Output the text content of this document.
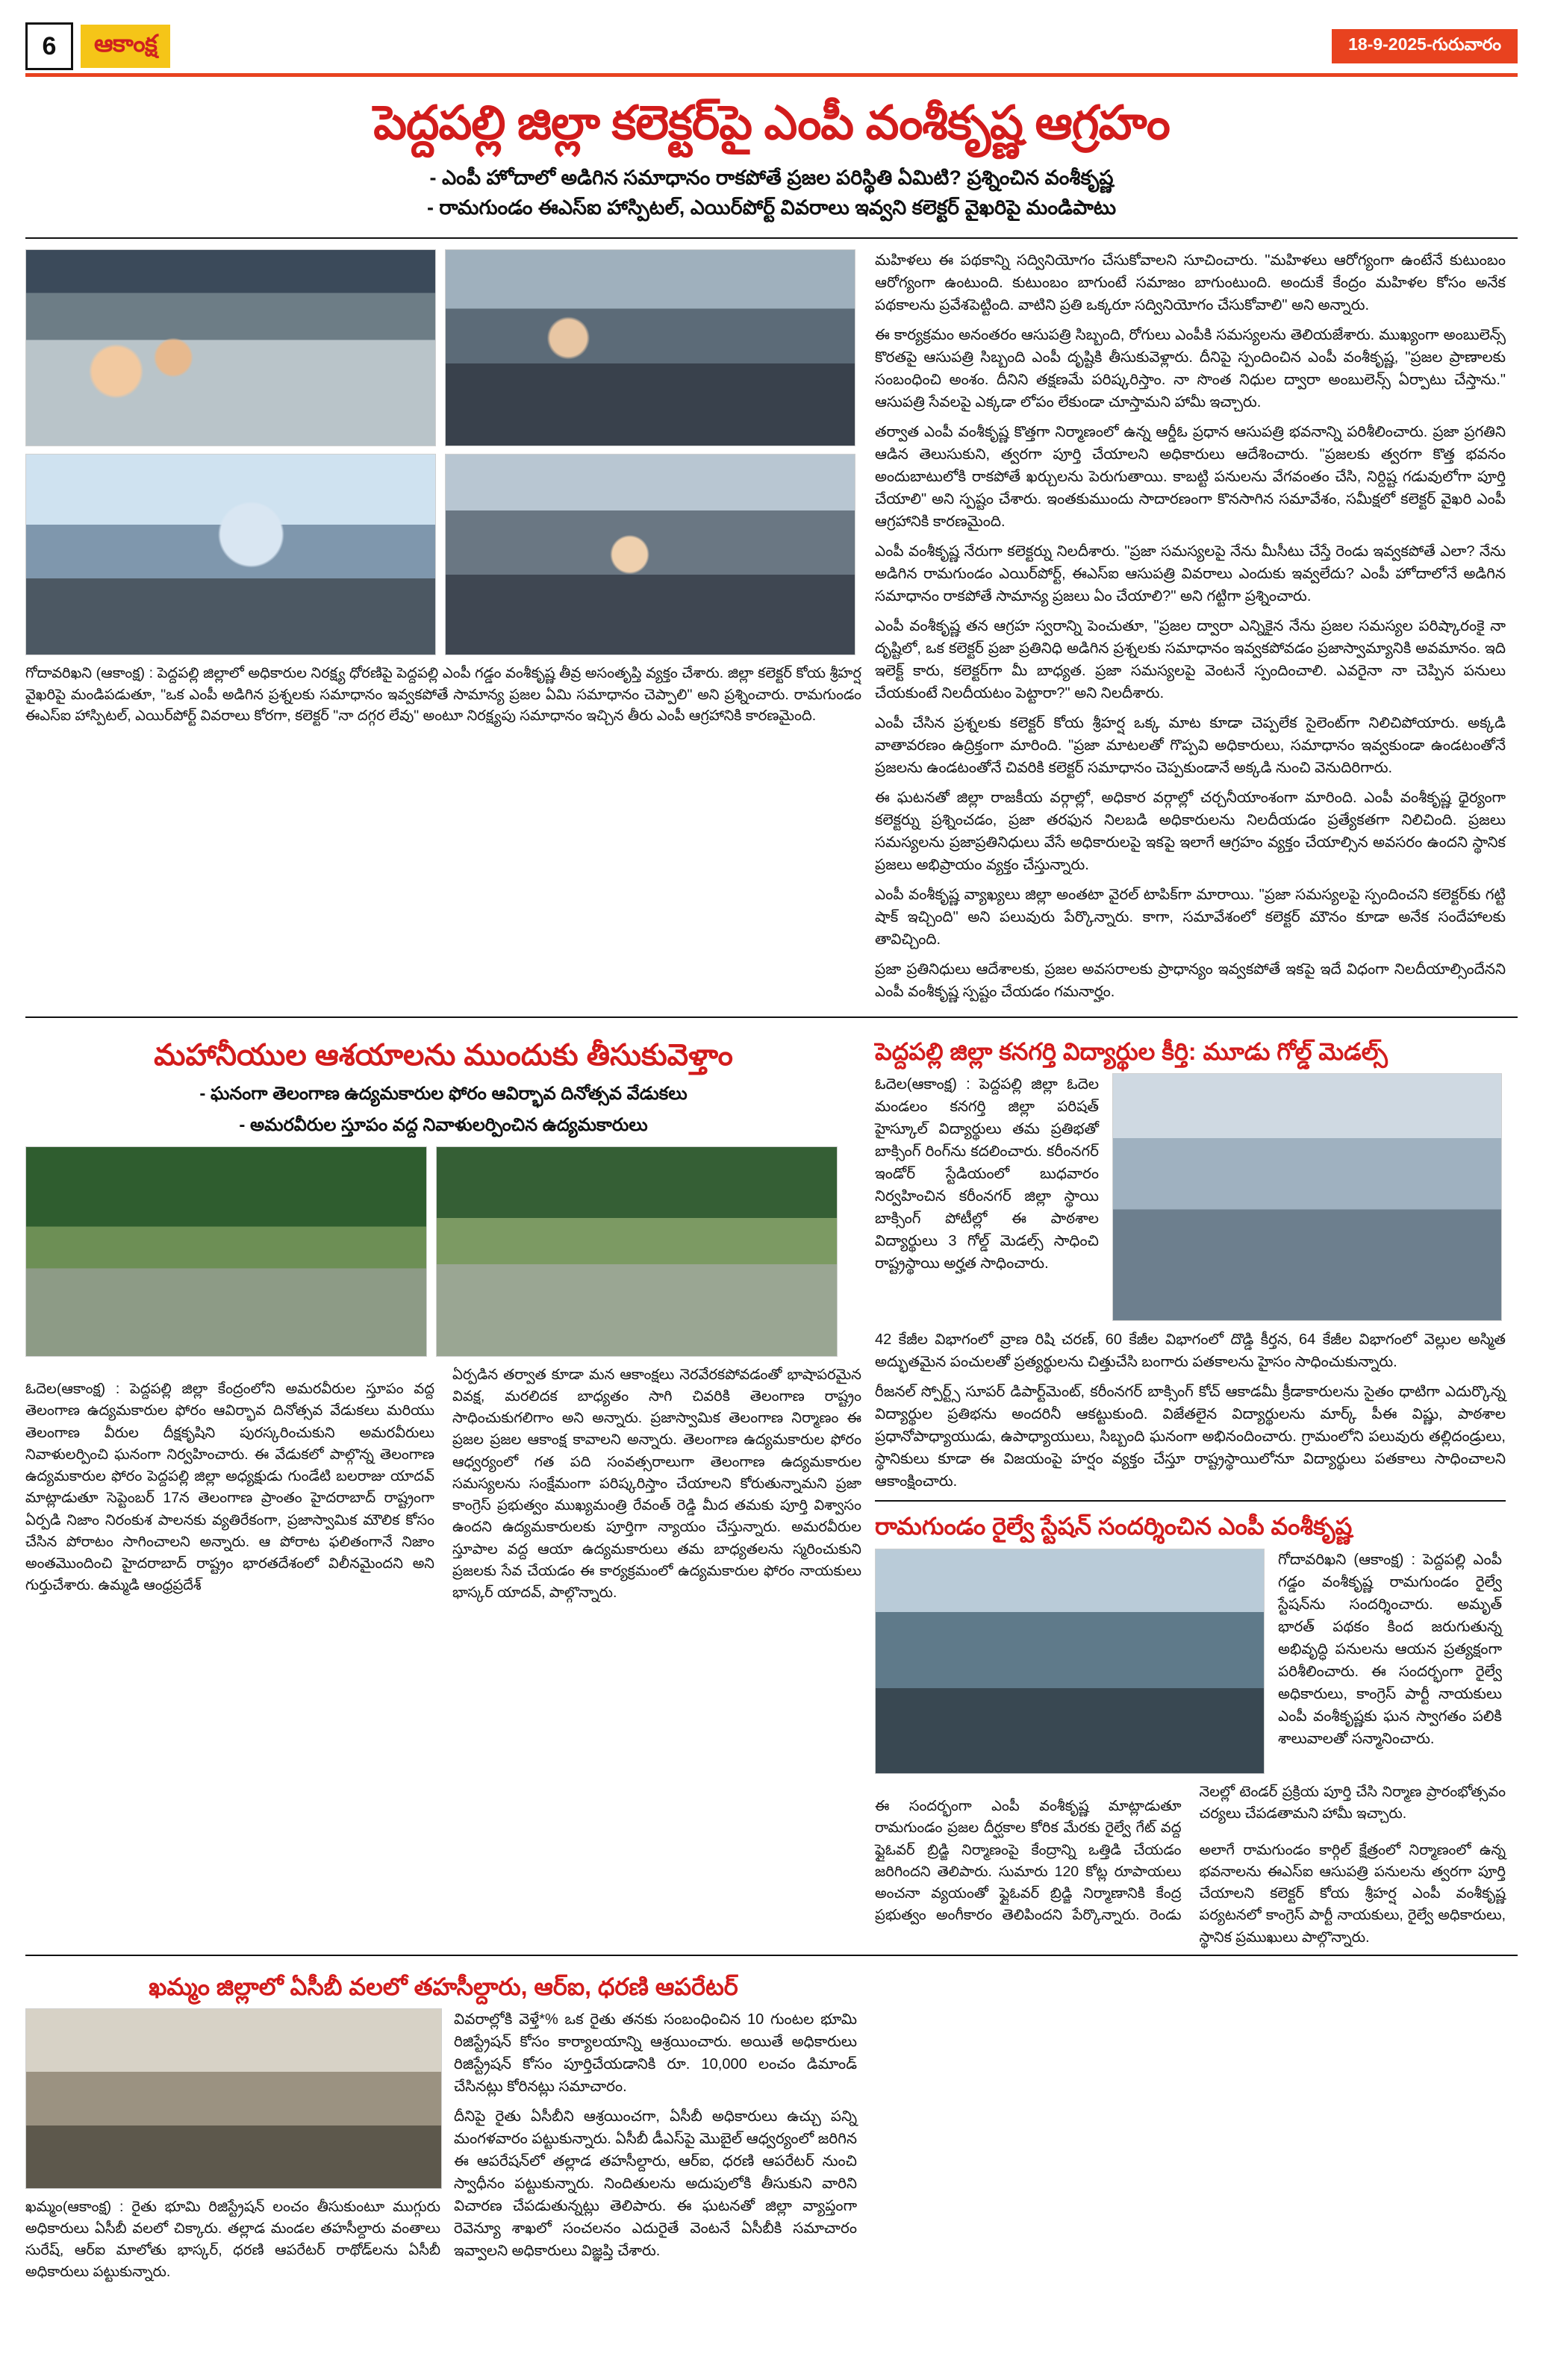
6	ఆకాంక్ష	18-9-2025-గురువారం
పెద్దపల్లి జిల్లా కలెక్టర్‌పై ఎంపీ వంశీకృష్ణ ఆగ్రహం
- ఎంపీ హోదాలో అడిగిన సమాధానం రాకపోతే ప్రజల పరిస్థితి ఏమిటి? ప్రశ్నించిన వంశీకృష్ణ
- రామగుండం ఈఎస్‌ఐ హాస్పిటల్, ఎయిర్‌పోర్ట్ వివరాలు ఇవ్వని కలెక్టర్ వైఖరిపై మండిపాటు
గోదావరిఖని (ఆకాంక్ష) : పెద్దపల్లి జిల్లాలో అధికారుల నిరక్ష్య ధోరణిపై పెద్దపల్లి ఎంపీ గడ్డం వంశీకృష్ణ తీవ్ర అసంతృప్తి వ్యక్తం చేశారు. జిల్లా కలెక్టర్ కోయ శ్రీహర్ష వైఖరిపై మండిపడుతూ, "ఒక ఎంపీ అడిగిన ప్రశ్నలకు సమాధానం ఇవ్వకపోతే సామాన్య ప్రజల ఏమి సమాధానం చెప్పాలి" అని ప్రశ్నించారు. రామగుండం ఈఎస్‌ఐ హాస్పిటల్, ఎయిర్‌పోర్ట్ వివరాలు కోరగా, కలెక్టర్ "నా దగ్గర లేవు" అంటూ నిరక్ష్యపు సమాధానం ఇచ్చిన తీరు ఎంపీ ఆగ్రహానికి కారణమైంది.

మహిళలు ఈ పథకాన్ని సద్వినియోగం చేసుకోవాలని సూచించారు. "మహిళలు ఆరోగ్యంగా ఉంటేనే కుటుంబం ఆరోగ్యంగా ఉంటుంది. కుటుంబం బాగుంటే సమాజం బాగుంటుంది. అందుకే కేంద్రం మహిళల కోసం అనేక పథకాలను ప్రవేశపెట్టింది. వాటిని ప్రతి ఒక్కరూ సద్వినియోగం చేసుకోవాలి" అని అన్నారు.

ఈ కార్యక్రమం అనంతరం ఆసుపత్రి సిబ్బంది, రోగులు ఎంపీకి సమస్యలను తెలియజేశారు. ముఖ్యంగా అంబులెన్స్ కొరతపై ఆసుపత్రి సిబ్బంది ఎంపీ దృష్టికి తీసుకువెళ్లారు. దీనిపై స్పందించిన ఎంపీ వంశీకృష్ణ, "ప్రజల ప్రాణాలకు సంబంధించి అంశం. దీనిని తక్షణమే పరిష్కరిస్తాం. నా సొంత నిధుల ద్వారా అంబులెన్స్ ఏర్పాటు చేస్తాను." ఆసుపత్రి సేవలపై ఎక్కడా లోపం లేకుండా చూస్తామని హామీ ఇచ్చారు.

తర్వాత ఎంపీ వంశీకృష్ణ కొత్తగా నిర్మాణంలో ఉన్న ఆర్డీఓ ప్రధాన ఆసుపత్రి భవనాన్ని పరిశీలించారు. ప్రజా ప్రగతిని ఆడిన తెలుసుకుని, త్వరగా పూర్తి చేయాలని అధికారులు ఆదేశించారు. "ప్రజలకు త్వరగా కొత్త భవనం అందుబాటులోకి రాకపోతే ఖర్చులను పెరుగుతాయి. కాబట్టి పనులను వేగవంతం చేసి, నిర్దిష్ట గడువులోగా పూర్తి చేయాలి" అని స్పష్టం చేశారు. ఇంతకుముందు సాదారణంగా కొనసాగిన సమావేశం, సమీక్షలో కలెక్టర్ వైఖరి ఎంపీ ఆగ్రహానికి కారణమైంది.

ఎంపీ వంశీకృష్ణ నేరుగా కలెక్టర్ను నిలదీశారు. "ప్రజా సమస్యలపై నేను మీసీటు చేస్తే రెండు ఇవ్వకపోతే ఎలా? నేను అడిగిన రామగుండం ఎయిర్‌పోర్ట్, ఈఎస్‌ఐ ఆసుపత్రి వివరాలు ఎందుకు ఇవ్వలేదు? ఎంపీ హోదాలోనే అడిగిన సమాధానం రాకపోతే సామాన్య ప్రజలు ఏం చేయాలి?" అని గట్టిగా ప్రశ్నించారు.

ఎంపీ వంశీకృష్ణ తన ఆగ్రహ స్వరాన్ని పెంచుతూ, "ప్రజల ద్వారా ఎన్నికైన నేను ప్రజల సమస్యల పరిష్కారంకై నా దృష్టిలో, ఒక కలెక్టర్ ప్రజా ప్రతినిధి అడిగిన ప్రశ్నలకు సమాధానం ఇవ్వకపోవడం ప్రజాస్వామ్యానికి అవమానం. ఇది ఇలెక్ట్ కారు, కలెక్టర్‌గా మీ బాధ్యత. ప్రజా సమస్యలపై వెంటనే స్పందించాలి. ఎవరైనా నా చెప్పిన పనులు చేయకుంటే నిలదీయటం పెట్టారా?" అని నిలదీశారు.

ఎంపీ చేసిన ప్రశ్నలకు కలెక్టర్ కోయ శ్రీహర్ష ఒక్క మాట కూడా చెప్పలేక సైలెంట్‌గా నిలిచిపోయారు. అక్కడి వాతావరణం ఉద్రిక్తంగా మారింది. "ప్రజా మాటలతో గొప్పవి అధికారులు, సమాధానం ఇవ్వకుండా ఉండటంతోనే ప్రజలను ఉండటంతోనే చివరికి కలెక్టర్ సమాధానం చెప్పకుండానే అక్కడి నుంచి వెనుదిరిగారు.

ఈ ఘటనతో జిల్లా రాజకీయ వర్గాల్లో, అధికార వర్గాల్లో చర్చనీయాంశంగా మారింది. ఎంపీ వంశీకృష్ణ ధైర్యంగా కలెక్టర్ను ప్రశ్నించడం, ప్రజా తరఫున నిలబడి అధికారులను నిలదీయడం ప్రత్యేకతగా నిలిచింది. ప్రజలు సమస్యలను ప్రజాప్రతినిధులు వేసే అధికారులపై ఇకపై ఇలాగే ఆగ్రహం వ్యక్తం చేయాల్సిన అవసరం ఉందని స్థానిక ప్రజలు అభిప్రాయం వ్యక్తం చేస్తున్నారు.

ఎంపీ వంశీకృష్ణ వ్యాఖ్యలు జిల్లా అంతటా వైరల్ టాపిక్‌గా మారాయి. "ప్రజా సమస్యలపై స్పందించని కలెక్టర్‌కు గట్టి షాక్ ఇచ్చింది" అని పలువురు పేర్కొన్నారు. కాగా, సమావేశంలో కలెక్టర్ మౌనం కూడా అనేక సందేహాలకు తావిచ్చింది.

ప్రజా ప్రతినిధులు ఆదేశాలకు, ప్రజల అవసరాలకు ప్రాధాన్యం ఇవ్వకపోతే ఇకపై ఇదే విధంగా నిలదీయాల్సిందేనని ఎంపీ వంశీకృష్ణ స్పష్టం చేయడం గమనార్హం.

మహానీయుల ఆశయాలను ముందుకు తీసుకువెళ్తాం
- ఘనంగా తెలంగాణ ఉద్యమకారుల ఫోరం ఆవిర్భావ దినోత్సవ వేడుకలు
- అమరవీరుల స్తూపం వద్ద నివాళులర్పించిన ఉద్యమకారులు

ఓదెల(ఆకాంక్ష) : పెద్దపల్లి జిల్లా కేంద్రంలోని అమరవీరుల స్తూపం వద్ద తెలంగాణ ఉద్యమకారుల ఫోరం ఆవిర్భావ దినోత్సవ వేడుకలు మరియు తెలంగాణ వీరుల దీక్షకృషిని పురస్కరించుకుని అమరవీరులు నివాళులర్పించి ఘనంగా నిర్వహించారు. ఈ వేడుకలో పాల్గొన్న తెలంగాణ ఉద్యమకారుల ఫోరం పెద్దపల్లి జిల్లా అధ్యక్షుడు గుండేటి బలరాజు యాదవ్ మాట్లాడుతూ సెప్టెంబర్ 17న తెలంగాణ ప్రాంతం హైదరాబాద్ రాష్ట్రంగా ఏర్పడి నిజాం నిరంకుశ పాలనకు వ్యతిరేకంగా, ప్రజాస్వామిక మౌలిక కోసం చేసిన పోరాటం సాగించాలని అన్నారు. ఆ పోరాట ఫలితంగానే నిజాం అంతమొందించి హైదరాబాద్ రాష్ట్రం భారతదేశంలో విలీనమైందని అని గుర్తుచేశారు. ఉమ్మడి ఆంధ్రప్రదేశ్

ఏర్పడిన తర్వాత కూడా మన ఆకాంక్షలు నెరవేరకపోవడంతో భాషాపరమైన వివక్ష, మరలిదక బాధ్యతం సాగి చివరికి తెలంగాణ రాష్ట్రం సాధించుకుగలిగాం అని అన్నారు. ప్రజాస్వామిక తెలంగాణ నిర్మాణం ఈ ప్రజల ప్రజల ఆకాంక్ష కావాలని అన్నారు. తెలంగాణ ఉద్యమకారుల ఫోరం ఆధ్వర్యంలో గత పది సంవత్సరాలుగా తెలంగాణ ఉద్యమకారుల సమస్యలను సంక్షేమంగా పరిష్కరిస్తాం చేయాలని కోరుతున్నామని ప్రజా కాంగ్రెస్ ప్రభుత్వం ముఖ్యమంత్రి రేవంత్ రెడ్డి మీద తమకు పూర్తి విశ్వాసం ఉందని ఉద్యమకారులకు పూర్తిగా న్యాయం చేస్తున్నారు. అమరవీరుల స్తూపాల వద్ద ఆయా ఉద్యమకారులు తమ బాధ్యతలను స్మరించుకుని ప్రజలకు సేవ చేయడం ఈ కార్యక్రమంలో ఉద్యమకారుల ఫోరం నాయకులు భాస్కర్ యాదవ్, పాల్గొన్నారు.

పెద్దపల్లి జిల్లా కనగర్తి విద్యార్థుల కీర్తి: మూడు గోల్డ్ మెడల్స్

ఓదెల(ఆకాంక్ష) : పెద్దపల్లి జిల్లా ఓదెల మండలం కనగర్తి జిల్లా పరిషత్ హైస్కూల్ విద్యార్థులు తమ ప్రతిభతో బాక్సింగ్ రింగ్‌ను కదలించారు. కరీంనగర్ ఇండోర్ స్టేడియంలో బుధవారం నిర్వహించిన కరీంనగర్ జిల్లా స్థాయి బాక్సింగ్ పోటీల్లో ఈ పాఠశాల విద్యార్థులు 3 గోల్డ్ మెడల్స్ సాధించి రాష్ట్రస్థాయి అర్హత సాధించారు.

42 కేజీల విభాగంలో వ్రాణ రిషి చరణ్, 60 కేజీల విభాగంలో దొడ్డి కీర్తన, 64 కేజీల విభాగంలో వెల్లుల అస్మిత అద్భుతమైన పంచులతో ప్రత్యర్థులను చిత్తుచేసి బంగారు పతకాలను హైసం సాధించుకున్నారు.

రీజనల్ స్పోర్ట్స్ సూపర్ డిపార్ట్‌మెంట్, కరీంనగర్ బాక్సింగ్ కోచ్ ఆకాడమీ క్రీడాకారులను సైతం ధాటిగా ఎదుర్కొన్న విద్యార్థుల ప్రతిభను అందరినీ ఆకట్టుకుంది. విజేతలైన విద్యార్థులను మార్క్ పీఈ విష్ణు, పాఠశాల ప్రధానోపాధ్యాయుడు, ఉపాధ్యాయులు, సిబ్బంది ఘనంగా అభినందించారు. గ్రామంలోని పలువురు తల్లిదండ్రులు, స్థానికులు కూడా ఈ విజయంపై హర్షం వ్యక్తం చేస్తూ రాష్ట్రస్థాయిలోనూ విద్యార్థులు పతకాలు సాధించాలని ఆకాంక్షించారు.

రామగుండం రైల్వే స్టేషన్ సందర్శించిన ఎంపీ వంశీకృష్ణ

గోదావరిఖని (ఆకాంక్ష) : పెద్దపల్లి ఎంపీ గడ్డం వంశీకృష్ణ రామగుండం రైల్వే స్టేషన్‌ను సందర్శించారు. అమృత్ భారత్ పథకం కింద జరుగుతున్న అభివృద్ధి పనులను ఆయన ప్రత్యక్షంగా పరిశీలించారు. ఈ సందర్భంగా రైల్వే అధికారులు, కాంగ్రెస్ పార్టీ నాయకులు ఎంపీ వంశీకృష్ణకు ఘన స్వాగతం పలికి శాలువాలతో సన్మానించారు.

ఈ సందర్భంగా ఎంపీ వంశీకృష్ణ మాట్లాడుతూ రామగుండం ప్రజల దీర్ఘకాల కోరిక మేరకు రైల్వే గేట్ వద్ద ఫ్లైఓవర్ బ్రిడ్జి నిర్మాణంపై కేంద్రాన్ని ఒత్తిడి చేయడం జరిగిందని తెలిపారు. సుమారు 120 కోట్ల రూపాయలు అంచనా వ్యయంతో ఫ్లైఓవర్ బ్రిడ్జి నిర్మాణానికి కేంద్ర ప్రభుత్వం అంగీకారం తెలిపిందని పేర్కొన్నారు. రెండు నెలల్లో టెండర్ ప్రక్రియ పూర్తి చేసి నిర్మాణ ప్రారంభోత్సవం చర్యలు చేపడతామని హామీ ఇచ్చారు.

అలాగే రామగుండం కార్గిల్ క్షేత్రంలో నిర్మాణంలో ఉన్న భవనాలను ఈఎస్‌ఐ ఆసుపత్రి పనులను త్వరగా పూర్తి చేయాలని కలెక్టర్ కోయ శ్రీహర్ష ఎంపీ వంశీకృష్ణ పర్యటనలో కాంగ్రెస్ పార్టీ నాయకులు, రైల్వే అధికారులు, స్థానిక ప్రముఖులు పాల్గొన్నారు.

ఖమ్మం జిల్లాలో ఏసీబీ వలలో తహసీల్దారు, ఆర్‌ఐ, ధరణి ఆపరేటర్
ఖమ్మం(ఆకాంక్ష) : రైతు భూమి రిజిస్ట్రేషన్ లంచం తీసుకుంటూ ముగ్గురు అధికారులు ఏసీబీ వలలో చిక్కారు. తల్లాడ మండల తహసీల్దారు వంతాలు సురేష్, ఆర్‌ఐ మాలోతు భాస్కర్, ధరణి ఆపరేటర్ రాథోడ్‌లను ఏసీబీ అధికారులు పట్టుకున్నారు.

వివరాల్లోకి వెళ్తే*% ఒక రైతు తనకు సంబంధించిన 10 గుంటల భూమి రిజిస్ట్రేషన్ కోసం కార్యాలయాన్ని ఆశ్రయించారు. అయితే అధికారులు రిజిస్ట్రేషన్ కోసం పూర్తిచేయడానికి రూ. 10,000 లంచం డిమాండ్ చేసినట్లు కోరినట్లు సమాచారం.

దీనిపై రైతు ఏసీబీని ఆశ్రయించగా, ఏసీబీ అధికారులు ఉచ్చు పన్ని మంగళవారం పట్టుకున్నారు. ఏసీబీ డీఎస్‌పై మొబైల్ ఆధ్వర్యంలో జరిగిన ఈ ఆపరేషన్‌లో తల్లాడ తహసీల్దారు, ఆర్‌ఐ, ధరణి ఆపరేటర్ నుంచి స్వాధీనం పట్టుకున్నారు. నిందితులను అదుపులోకి తీసుకుని వారిని విచారణ చేపడుతున్నట్లు తెలిపారు. ఈ ఘటనతో జిల్లా వ్యాప్తంగా రెవెన్యూ శాఖలో సంచలనం ఎదురైతే వెంటనే ఏసీబీకి సమాచారం ఇవ్వాలని అధికారులు విజ్ఞప్తి చేశారు.
